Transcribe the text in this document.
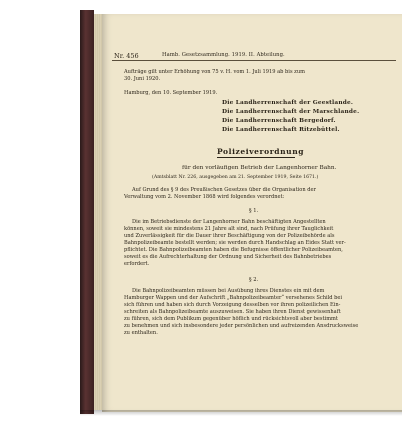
Nr. 456	Hamb. Gesetzsammlung. 1919. II. Abteilung.
Aufträge gilt unter Erhöhung von 75 v. H. vom 1. Juli 1919 ab bis zum
30. Juni 1920.
Hamburg, den 10. September 1919.
Die Landherrenschaft der Geestlande.
Die Landherrenschaft der Marschlande.
Die Landherrenschaft Bergedorf.
Die Landherrenschaft Ritzebüttel.
Polizeiverordnung
für den vorläufigen Betrieb der Langenhorner Bahn.
(Amtsblatt Nr. 226, ausgegeben am 21. September 1919, Seite 1671.)
Auf Grund des § 9 des Preußischen Gesetzes über die Organisation der
Verwaltung vom 2. November 1868 wird folgendes verordnet:
§ 1.
Die im Betriebsdienste der Langenhorner Bahn beschäftigten Angestellten
können, soweit sie mindestens 21 Jahre alt sind, nach Prüfung ihrer Tauglichkeit
und Zuverlässigkeit für die Dauer ihrer Beschäftigung von der Polizeibehörde als
Bahnpolizeibeamte bestellt werden; sie werden durch Handschlag an Eides Statt ver-
pflichtet. Die Bahnpolizeibeamten haben die Befugnisse öffentlicher Polizeibeamten,
soweit es die Aufrechterhaltung der Ordnung und Sicherheit des Bahnbetriebes
erfordert.
§ 2.
Die Bahnpolizeibeamten müssen bei Ausübung ihres Dienstes ein mit dem
Hamburger Wappen und der Aufschrift „Bahnpolizeibeamter“ versehenes Schild bei
sich führen und haben sich durch Vorzeigung desselben vor ihren polizeilichen Ein-
schreiten als Bahnpolizeibeamte auszuweisen. Sie haben ihren Dienst gewissenhaft
zu führen, sich dem Publikum gegenüber höflich und rücksichtsvoll aber bestimmt
zu benehmen und sich insbesondere jeder persönlichen und aufreizenden Ansdrucksweise
zu enthalten.
